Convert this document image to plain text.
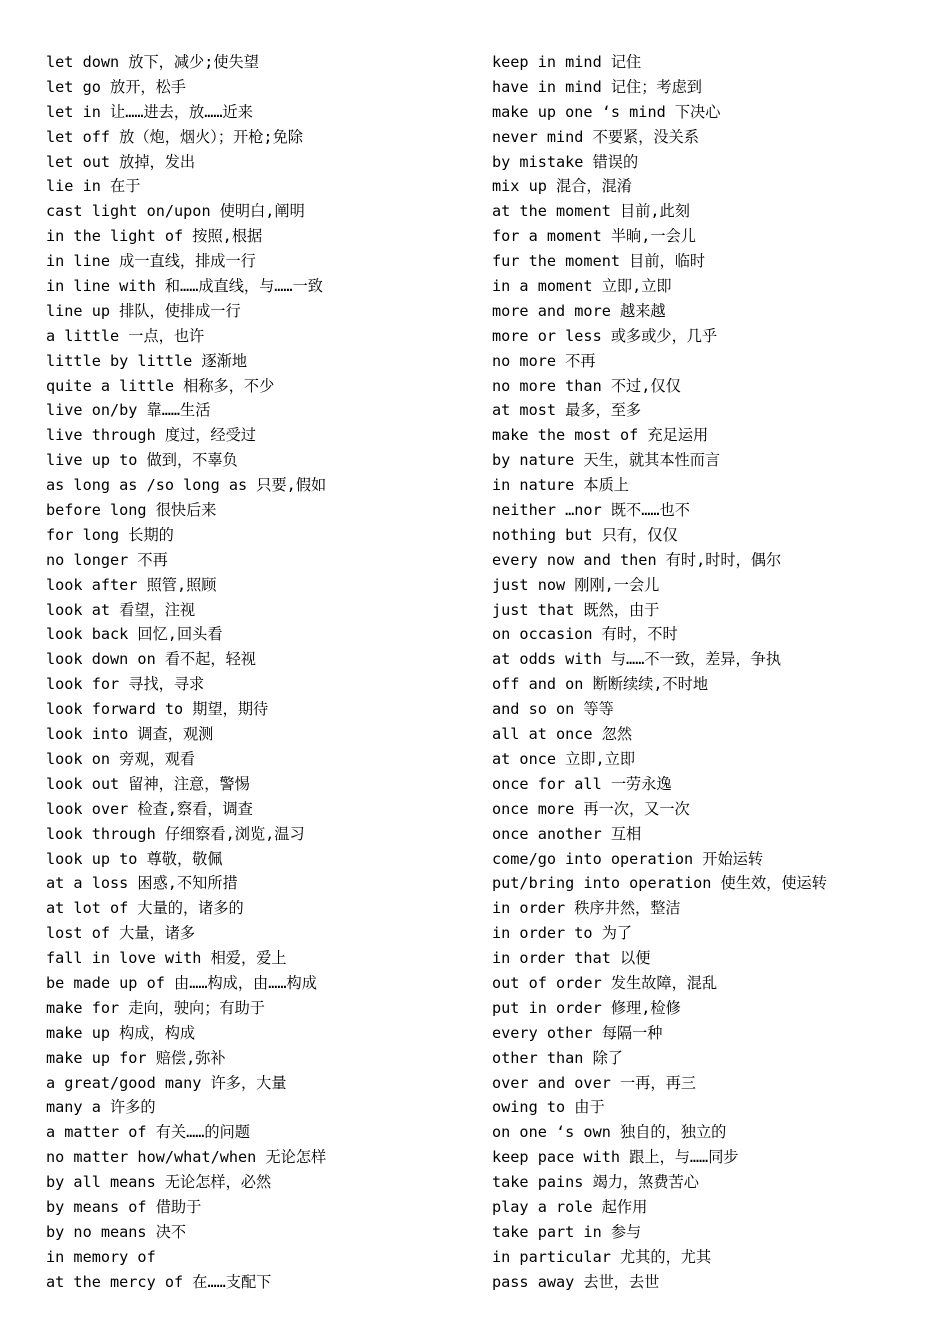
let down 放下，减少;使失望
let go 放开，松手
let in 让……进去，放……近来
let off 放（炮，烟火）；开枪;免除
let out 放掉，发出
lie in 在于
cast light on/upon 使明白,阐明
in the light of 按照,根据
in line 成一直线，排成一行
in line with 和……成直线，与……一致
line up 排队，使排成一行
a little 一点，也许
little by little 逐渐地
quite a little 相称多，不少
live on/by 靠……生活
live through 度过，经受过
live up to 做到，不辜负
as long as /so long as 只要,假如
before long 很快后来
for long 长期的
no longer 不再
look after 照管,照顾
look at 看望，注视
look back 回忆,回头看
look down on 看不起，轻视
look for 寻找，寻求
look forward to 期望，期待
look into 调查，观测
look on 旁观，观看
look out 留神，注意，警惕
look over 检查,察看，调查
look through 仔细察看,浏览,温习
look up to 尊敬，敬佩
at a loss 困惑,不知所措
at lot of 大量的，诸多的
lost of 大量，诸多
fall in love with 相爱，爱上
be made up of 由……构成，由……构成
make for 走向，驶向；有助于
make up 构成，构成
make up for 赔偿,弥补
a great/good many 许多，大量
many a 许多的
a matter of 有关……的问题
no matter how/what/when 无论怎样
by all means 无论怎样，必然
by means of 借助于
by no means 决不
in memory of
at the mercy of 在……支配下
keep in mind 记住
have in mind 记住；考虑到
make up one ‘s mind 下决心
never mind 不要紧，没关系
by mistake 错误的
mix up 混合，混淆
at the moment 目前,此刻
for a moment 半晌,一会儿
fur the moment 目前，临时
in a moment 立即,立即
more and more 越来越
more or less 或多或少，几乎
no more 不再
no more than 不过,仅仅
at most 最多，至多
make the most of 充足运用
by nature 天生，就其本性而言
in nature 本质上
neither …nor 既不……也不
nothing but 只有，仅仅
every now and then 有时,时时，偶尔
just now 刚刚,一会儿
just that 既然，由于
on occasion 有时，不时
at odds with 与……不一致，差异，争执
off and on 断断续续,不时地
and so on 等等
all at once 忽然
at once 立即,立即
once for all 一劳永逸
once more 再一次，又一次
once another 互相
come/go into operation 开始运转
put/bring into operation 使生效，使运转
in order 秩序井然，整洁
in order to 为了
in order that 以便
out of order 发生故障，混乱
put in order 修理,检修
every other 每隔一种
other than 除了
over and over 一再，再三
owing to 由于
on one ‘s own 独自的，独立的
keep pace with 跟上，与……同步
take pains 竭力，煞费苦心
play a role 起作用
take part in 参与
in particular 尤其的，尤其
pass away 去世，去世
